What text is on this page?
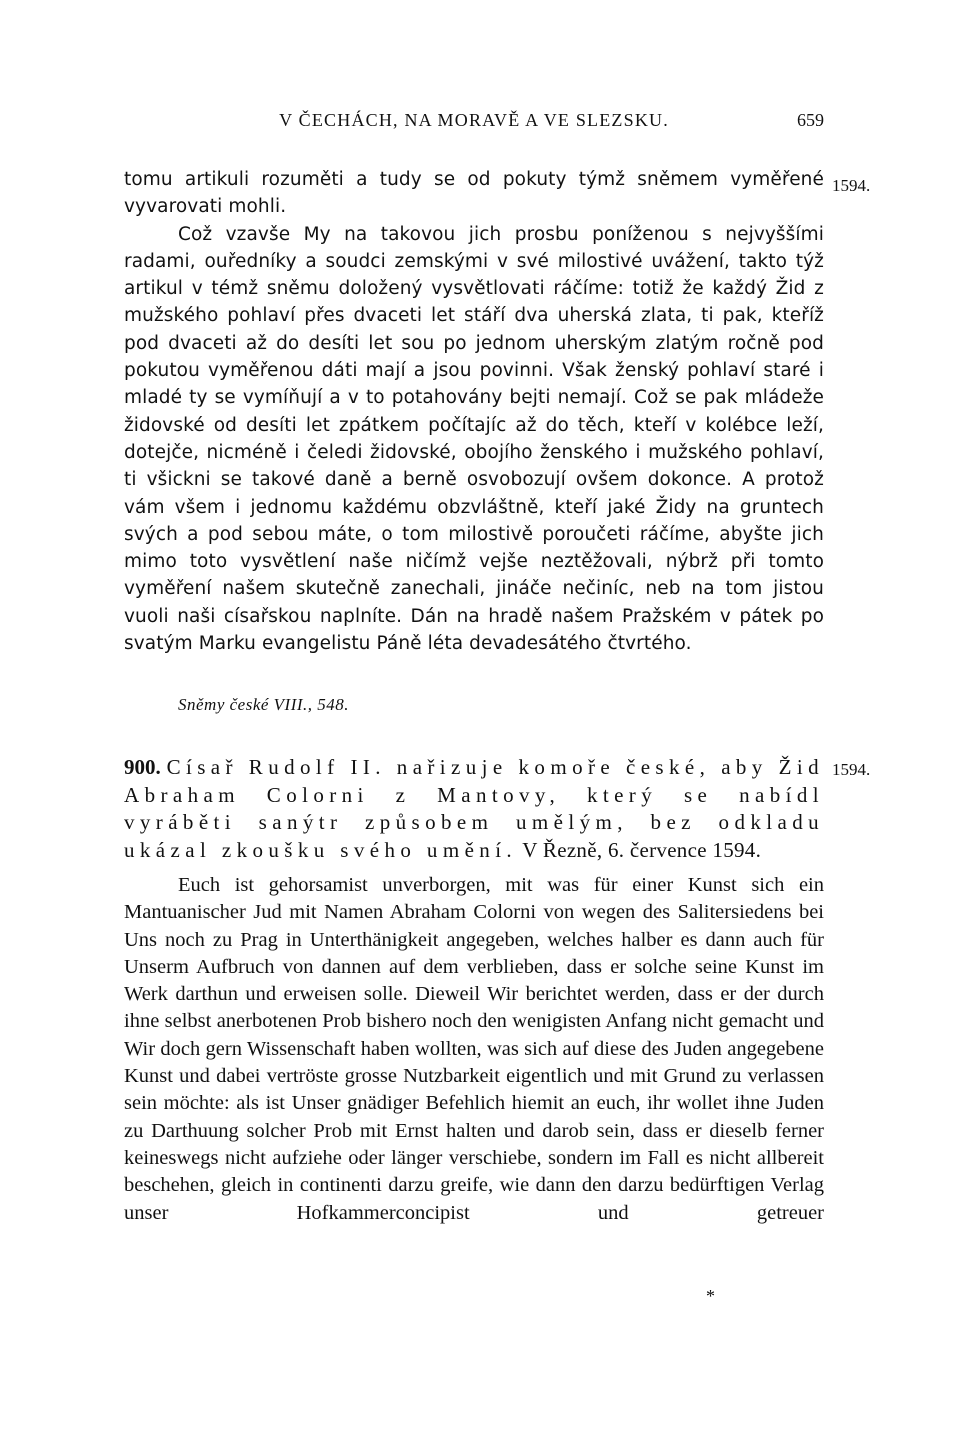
V ČECHÁCH, NA MORAVĚ A VE SLEZSKU.	659
1594.

tomu artikuli rozuměti a tudy se od pokuty týmž sněmem vyměřené vyvarovati mohli.

Což vzavše My na takovou jich prosbu poníženou s nejvyššími radami, ouředníky a soudci zemskými v své milostivé uvážení, takto týž artikul v témž sněmu doložený vysvětlovati ráčíme: totiž že každý Žid z mužského pohlaví přes dvaceti let stáří dva uherská zlata, ti pak, kteříž pod dvaceti až do desíti let sou po jednom uherským zlatým ročně pod pokutou vyměřenou dáti mají a jsou povinni. Však ženský pohlaví staré i mladé ty se vymíňují a v to potahovány bejti nemají. Což se pak mládeže židovské od desíti let zpátkem počítajíc až do těch, kteří v kolébce leží, dotejče, nicméně i čeledi židovské, obojího ženského i mužského pohlaví, ti všickni se takové daně a berně osvobozují ovšem dokonce. A protož vám všem i jednomu každému obzvláštně, kteří jaké Židy na gruntech svých a pod sebou máte, o tom milostivě poroučeti ráčíme, abyšte jich mimo toto vysvětlení naše ničímž vejše neztěžovali, nýbrž při tomto vyměření našem skutečně zanechali, jináče nečiníc, neb na tom jistou vuoli naši císařskou naplníte. Dán na hradě našem Pražském v pátek po svatým Marku evangelistu Páně léta devadesátého čtvrtého.

Sněmy české VIII., 548.
1594.
900. Císař Rudolf II. nařizuje komoře české, aby Žid Abraham Colorni z Mantovy, který se nabídl vyráběti sanýtr způsobem umělým, bez odkladu ukázal zkoušku svého umění. V Řezně, 6. července 1594.

Euch ist gehorsamist unverborgen, mit was für einer Kunst sich ein Mantuanischer Jud mit Namen Abraham Colorni von wegen des Salitersiedens bei Uns noch zu Prag in Unterthänigkeit angegeben, welches halber es dann auch für Unserm Aufbruch von dannen auf dem verblieben, dass er solche seine Kunst im Werk darthun und erweisen solle. Dieweil Wir berichtet werden, dass er der durch ihne selbst anerbotenen Prob bishero noch den wenigisten Anfang nicht gemacht und Wir doch gern Wissenschaft haben wollten, was sich auf diese des Juden angegebene Kunst und dabei vertröste grosse Nutzbarkeit eigentlich und mit Grund zu verlassen sein möchte: als ist Unser gnädiger Befehlich hiemit an euch, ihr wollet ihne Juden zu Darthuung solcher Prob mit Ernst halten und darob sein, dass er dieselb ferner keineswegs nicht aufziehe oder länger verschiebe, sondern im Fall es nicht allbereit beschehen, gleich in continenti darzu greife, wie dann den darzu bedürftigen Verlag unser Hofkammerconcipist und getreuer

*
